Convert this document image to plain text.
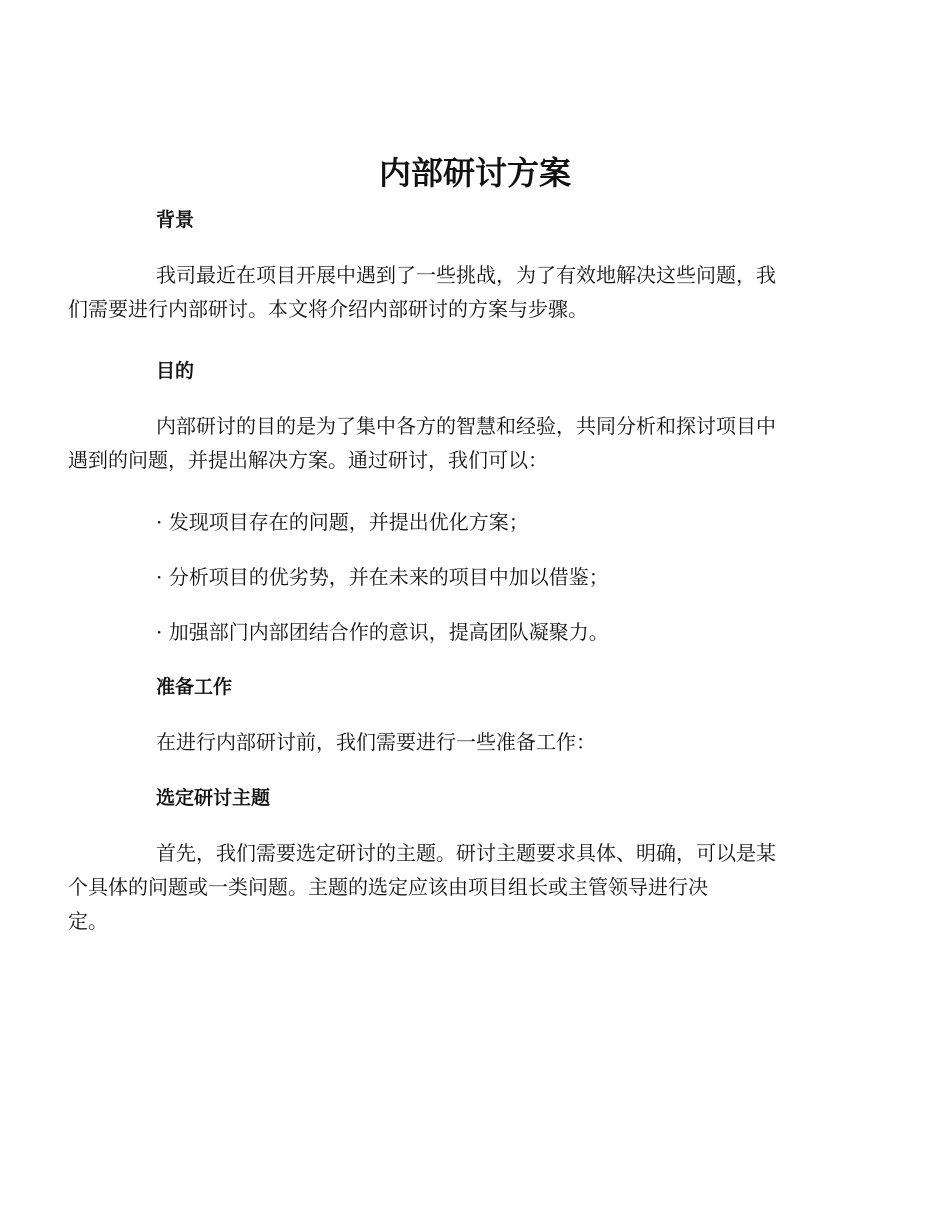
内部研讨方案
背景

我司最近在项目开展中遇到了一些挑战，为了有效地解决这些问题，我
们需要进行内部研讨。本文将介绍内部研讨的方案与步骤。

目的

内部研讨的目的是为了集中各方的智慧和经验，共同分析和探讨项目中
遇到的问题，并提出解决方案。通过研讨，我们可以：

· 发现项目存在的问题，并提出优化方案；

· 分析项目的优劣势，并在未来的项目中加以借鉴；

· 加强部门内部团结合作的意识，提高团队凝聚力。

准备工作

在进行内部研讨前，我们需要进行一些准备工作：

选定研讨主题

首先，我们需要选定研讨的主题。研讨主题要求具体、明确，可以是某
个具体的问题或一类问题。主题的选定应该由项目组长或主管领导进行决
定。
